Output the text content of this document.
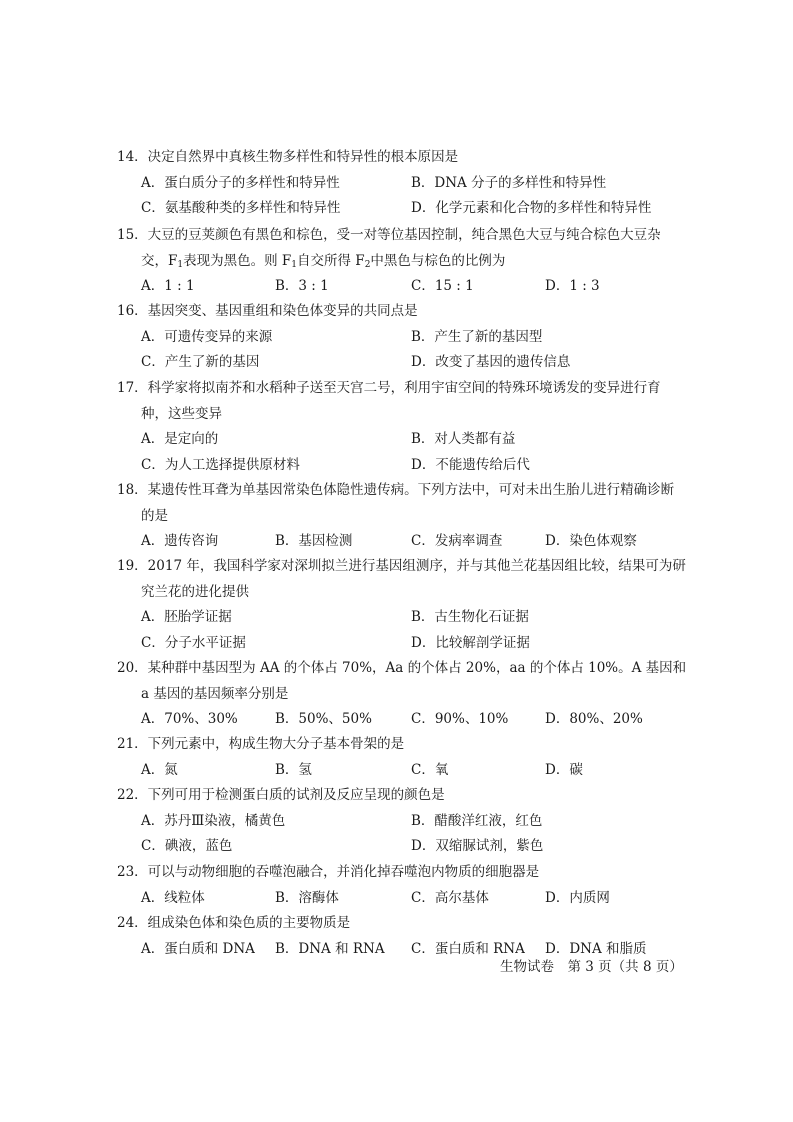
14．决定自然界中真核生物多样性和特异性的根本原因是
A．蛋白质分子的多样性和特异性	B．DNA 分子的多样性和特异性
C．氨基酸种类的多样性和特异性	D．化学元素和化合物的多样性和特异性
15．大豆的豆荚颜色有黑色和棕色，受一对等位基因控制，纯合黑色大豆与纯合棕色大豆杂
交，$F_1$表现为黑色。则 $F_1$自交所得 $F_2$中黑色与棕色的比例为
A．1 : 1	B．3 : 1	C．15 : 1	D．1 : 3
16．基因突变、基因重组和染色体变异的共同点是
A．可遗传变异的来源	B．产生了新的基因型
C．产生了新的基因	D．改变了基因的遗传信息
17．科学家将拟南芥和水稻种子送至天宫二号，利用宇宙空间的特殊环境诱发的变异进行育
种，这些变异
A．是定向的	B．对人类都有益
C．为人工选择提供原材料	D．不能遗传给后代
18．某遗传性耳聋为单基因常染色体隐性遗传病。下列方法中，可对未出生胎儿进行精确诊断
的是
A．遗传咨询	B．基因检测	C．发病率调查	D．染色体观察
19．2017 年，我国科学家对深圳拟兰进行基因组测序，并与其他兰花基因组比较，结果可为研
究兰花的进化提供
A．胚胎学证据	B．古生物化石证据
C．分子水平证据	D．比较解剖学证据
20．某种群中基因型为 AA 的个体占 70%，Aa 的个体占 20%，aa 的个体占 10%。A 基因和
a 基因的基因频率分别是
A．70%、30%	B．50%、50%	C．90%、10%	D．80%、20%
21．下列元素中，构成生物大分子基本骨架的是
A．氮	B．氢	C．氧	D．碳
22．下列可用于检测蛋白质的试剂及反应呈现的颜色是
A．苏丹Ⅲ染液，橘黄色	B．醋酸洋红液，红色
C．碘液，蓝色	D．双缩脲试剂，紫色
23．可以与动物细胞的吞噬泡融合，并消化掉吞噬泡内物质的细胞器是
A．线粒体	B．溶酶体	C．高尔基体	D．内质网
24．组成染色体和染色质的主要物质是
A．蛋白质和 DNA B．DNA 和 RNA C．蛋白质和 RNA D．DNA 和脂质
生物试卷　第 3 页（共 8 页）
